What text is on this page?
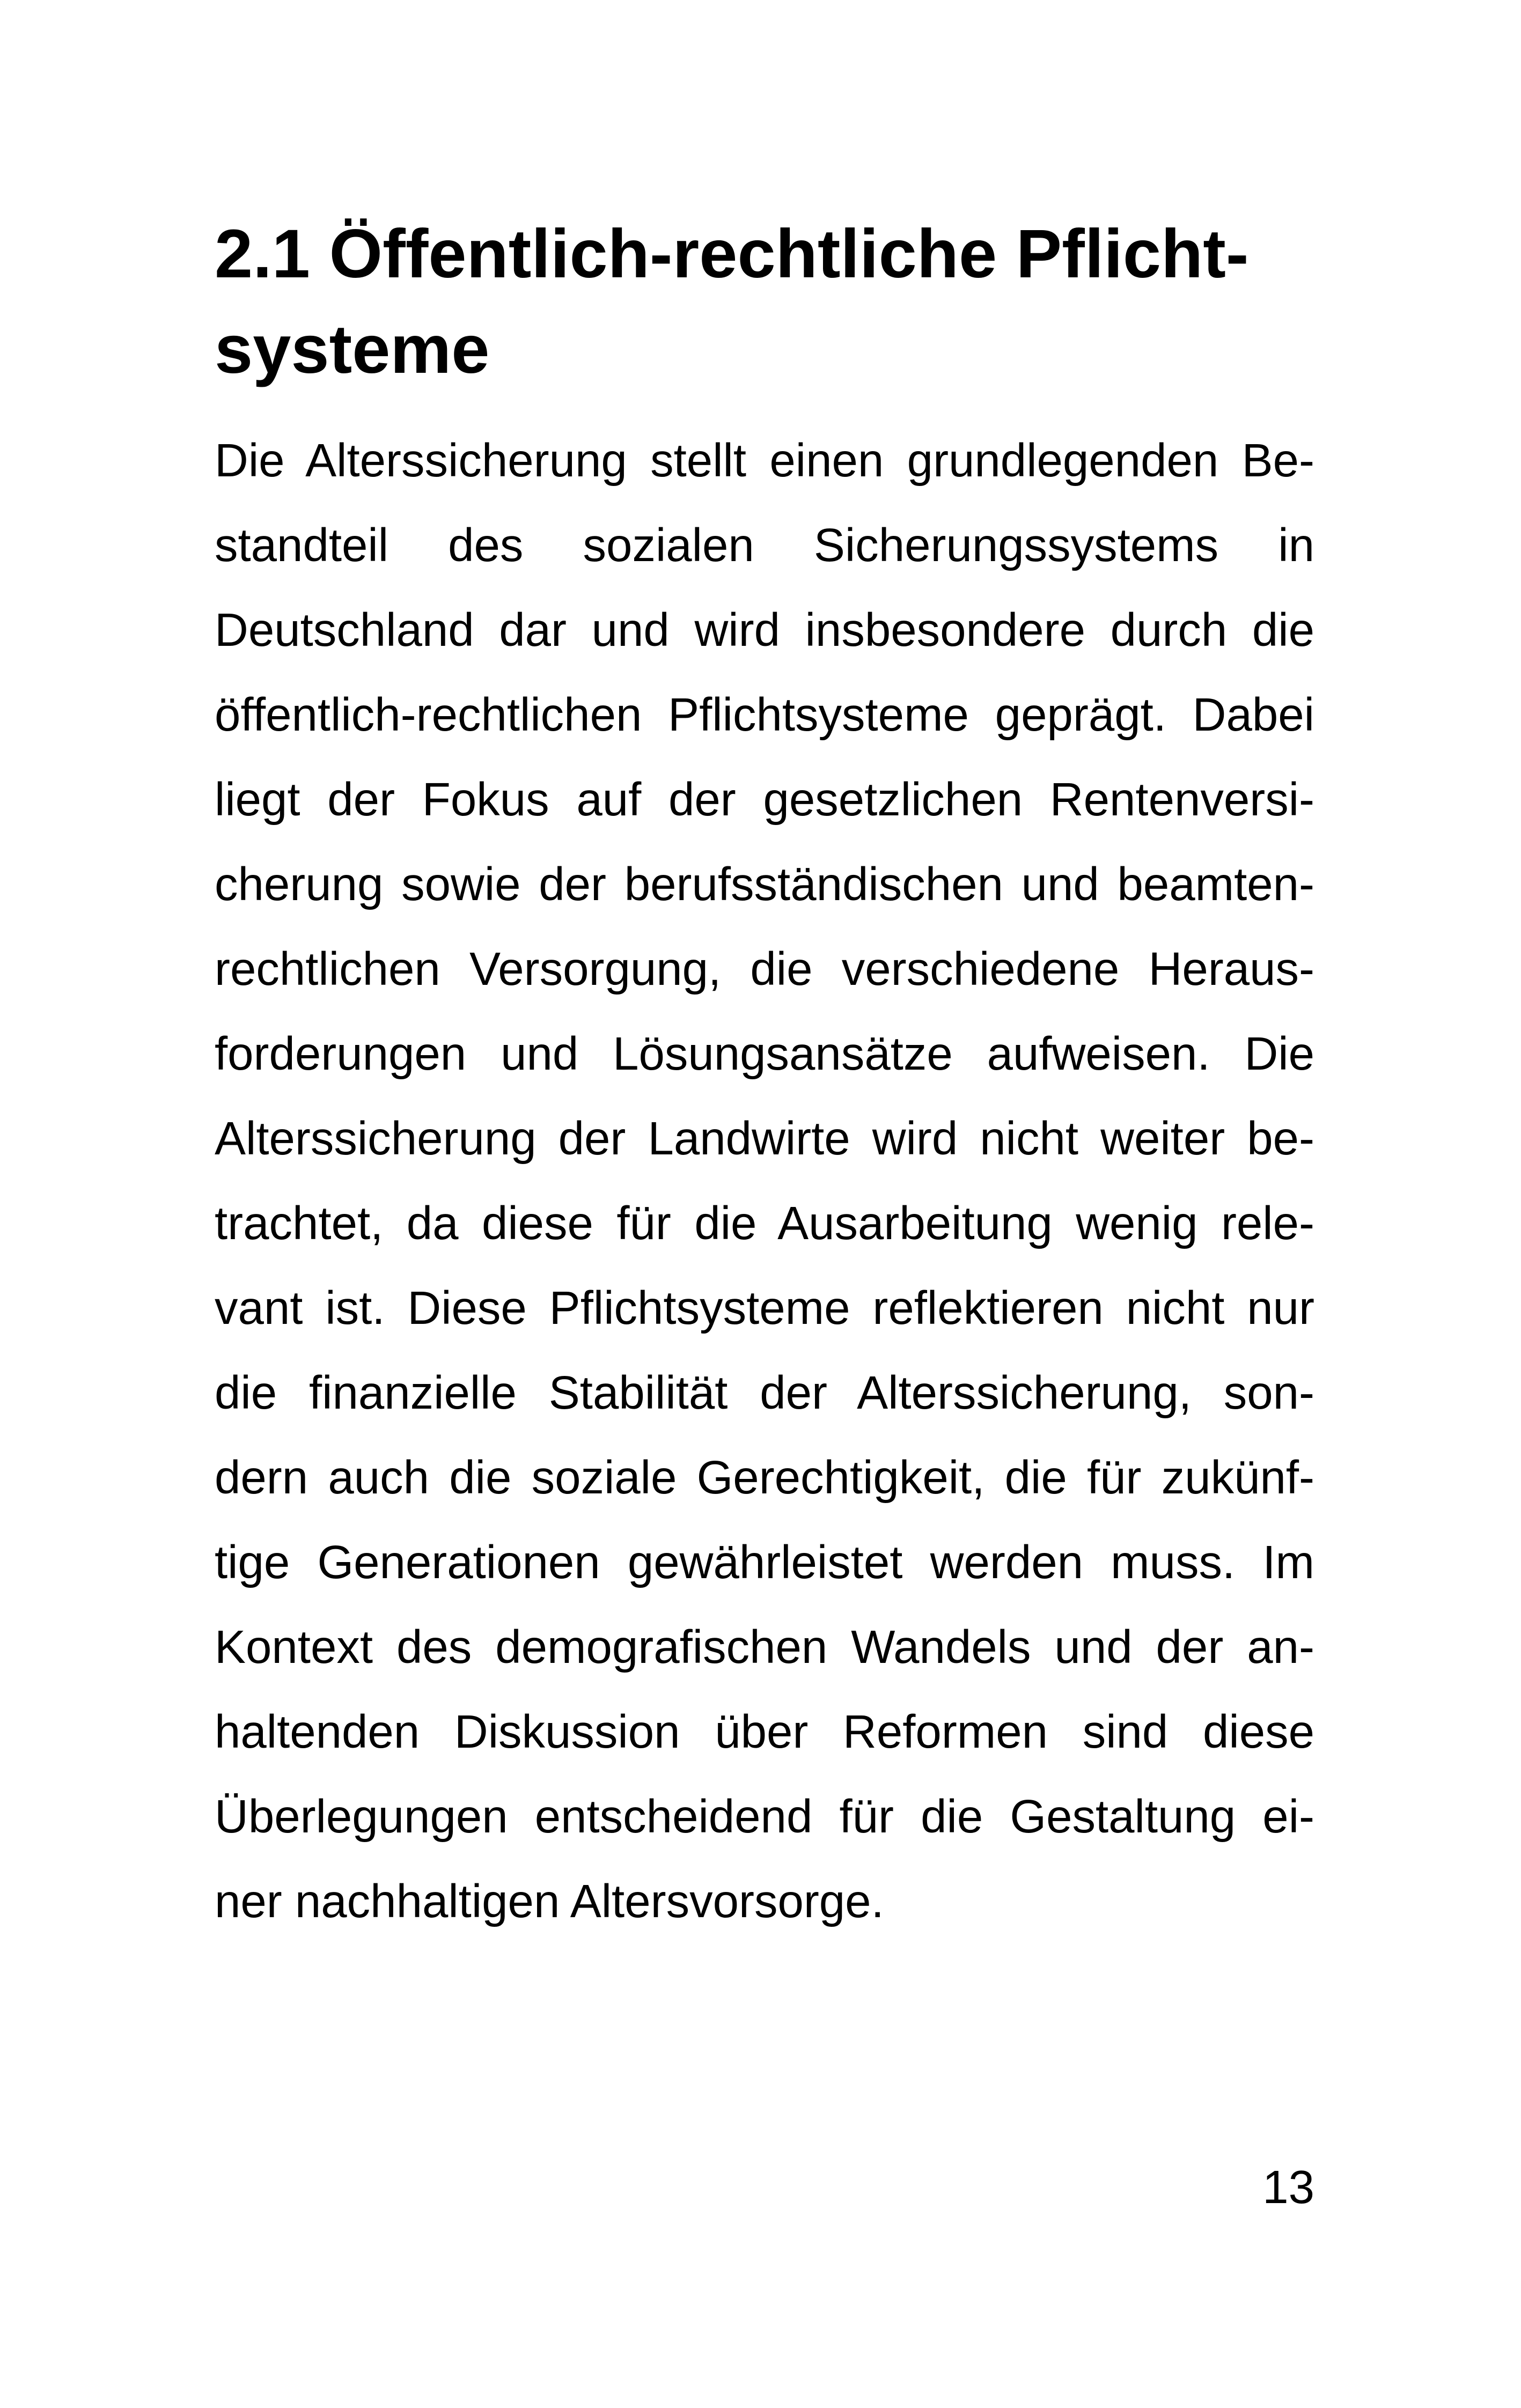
2.1 Öffentlich-rechtliche Pflicht-
systeme
Die Alterssicherung stellt einen grundlegenden Be-
standteil des sozialen Sicherungssystems in
Deutschland dar und wird insbesondere durch die
öffentlich-rechtlichen Pflichtsysteme geprägt. Dabei
liegt der Fokus auf der gesetzlichen Rentenversi-
cherung sowie der berufsständischen und beamten-
rechtlichen Versorgung, die verschiedene Heraus-
forderungen und Lösungsansätze aufweisen. Die
Alterssicherung der Landwirte wird nicht weiter be-
trachtet, da diese für die Ausarbeitung wenig rele-
vant ist. Diese Pflichtsysteme reflektieren nicht nur
die finanzielle Stabilität der Alterssicherung, son-
dern auch die soziale Gerechtigkeit, die für zukünf-
tige Generationen gewährleistet werden muss. Im
Kontext des demografischen Wandels und der an-
haltenden Diskussion über Reformen sind diese
Überlegungen entscheidend für die Gestaltung ei-
ner nachhaltigen Altersvorsorge.
13
